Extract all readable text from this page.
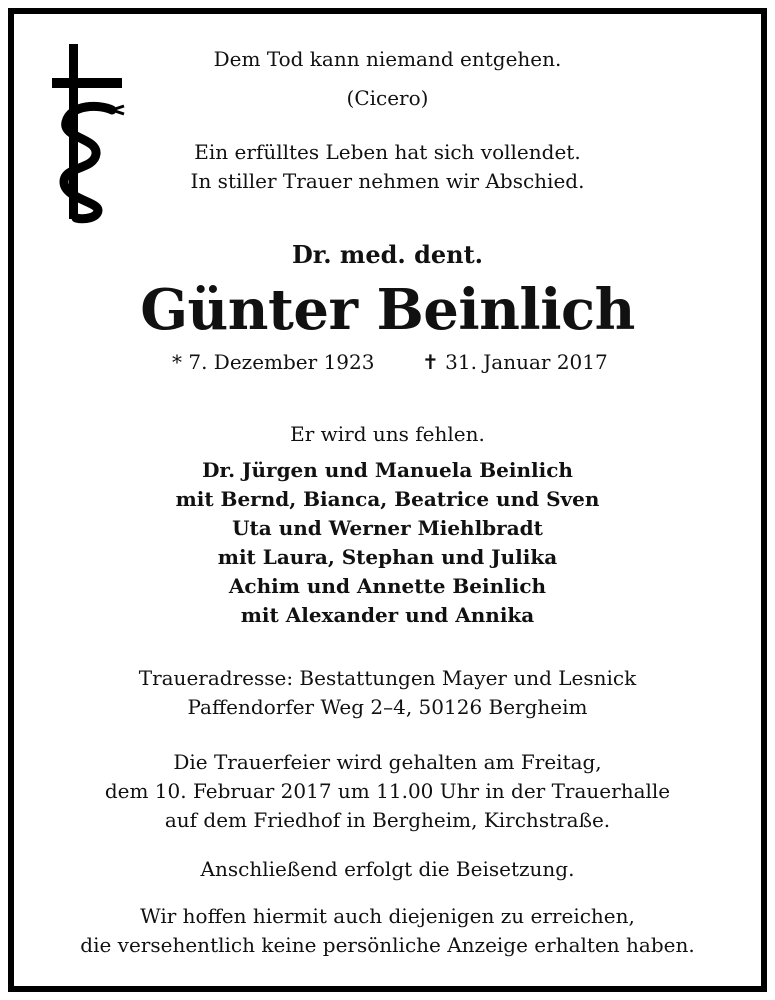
Dem Tod kann niemand entgehen.
(Cicero)
Ein erfülltes Leben hat sich vollendet.
In stiller Trauer nehmen wir Abschied.
Dr. med. dent.
Günter Beinlich
* 7. Dezember 1923 ✝ 31. Januar 2017
Er wird uns fehlen.
Dr. Jürgen und Manuela Beinlich
mit Bernd, Bianca, Beatrice und Sven
Uta und Werner Miehlbradt
mit Laura, Stephan und Julika
Achim und Annette Beinlich
mit Alexander und Annika
Traueradresse: Bestattungen Mayer und Lesnick
Paffendorfer Weg 2–4, 50126 Bergheim
Die Trauerfeier wird gehalten am Freitag,
dem 10. Februar 2017 um 11.00 Uhr in der Trauerhalle
auf dem Friedhof in Bergheim, Kirchstraße.
Anschließend erfolgt die Beisetzung.
Wir hoffen hiermit auch diejenigen zu erreichen,
die versehentlich keine persönliche Anzeige erhalten haben.
